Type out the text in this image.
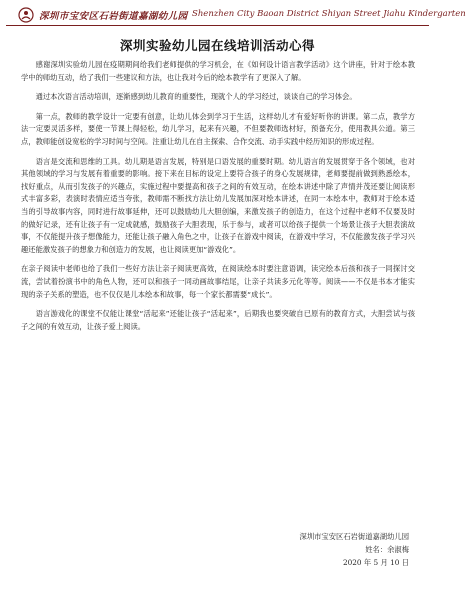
深圳市宝安区石岩街道嘉湖幼儿园 Shenzhen City Baoan District Shiyan Street Jiahu Kindergarten
深圳实验幼儿园在线培训活动心得

感谢深圳实验幼儿园在疫期期间给我们老师提供的学习机会，在《如何设计语言教学活动》这个讲座，针对于绘本教学中的师幼互动，给了我们一些建议和方法，也让我对今后的绘本教学有了更深入了解。

通过本次语言活动培训，逐渐感到幼儿教育的重要性，现就个人的学习经过，谈谈自己的学习体会。

第一点，教师的教学设计一定要有创意，让幼儿体会到学习于生活，这样幼儿才有爱好听你的讲课。第二点，教学方法一定要灵活多样，要使一节课上得轻松，幼儿学习，起来有兴趣，不但要教师选材好，预备充分，使用教具公道。第三点，教师能创设宽松的学习时间与空间。注重让幼儿在自主探索、合作交流、动手实践中经历知识的形成过程。

语言是交流和思维的工具。幼儿期是语言发展，特别是口语发展的重要时期。幼儿语言的发展贯穿于各个领域，也对其他领域的学习与发展有着重要的影响。接下来在目标的设定上要符合孩子的身心发展规律，老师要提前做到熟悉绘本，找好重点，从而引发孩子的兴趣点，实施过程中要提高和孩子之间的有效互动，在绘本讲述中除了声情并茂还要让阅读形式丰富多彩，表演时表情应适当夸张，教师需不断找方法让幼儿发展加深对绘本讲述，在同一本绘本中，教师对于绘本适当的引导故事内容，同时进行故事延伸，还可以鼓励幼儿大胆创编，来激发孩子的创造力，在这个过程中老师不仅要及时的做好记录，还有让孩子有一定成就感，鼓励孩子大胆表现，乐于参与，或者可以给孩子提供一个场景让孩子大胆表演故事，不仅能提升孩子想像能力，还能让孩子融入角色之中，让孩子在游戏中阅读，在游戏中学习，不仅能激发孩子学习兴趣还能激发孩子的想象力和创造力的发展，也让阅读更加“游戏化”。

在亲子阅读中老师也给了我们一些好方法让亲子阅读更高效，在阅读绘本时要注意语调，读完绘本后孩和孩子一同探讨交流，尝试着扮演书中的角色人物，还可以和孩子一同动画故事结尾，让亲子共读多元化等等。阅读——不仅是书本才能实现的亲子关系的塑造，也不仅仅是儿本绘本和故事，每一个家长都需要“成长”。

语言游戏化的课堂不仅能让课堂“活起来”还能让孩子“活起来”，后期我也要突破自已原有的教育方式，大胆尝试与孩子之间的有效互动，让孩子爱上阅读。

深圳市宝安区石岩街道嘉湖幼儿园
姓名：余淑梅
2020 年 5 月 10 日
